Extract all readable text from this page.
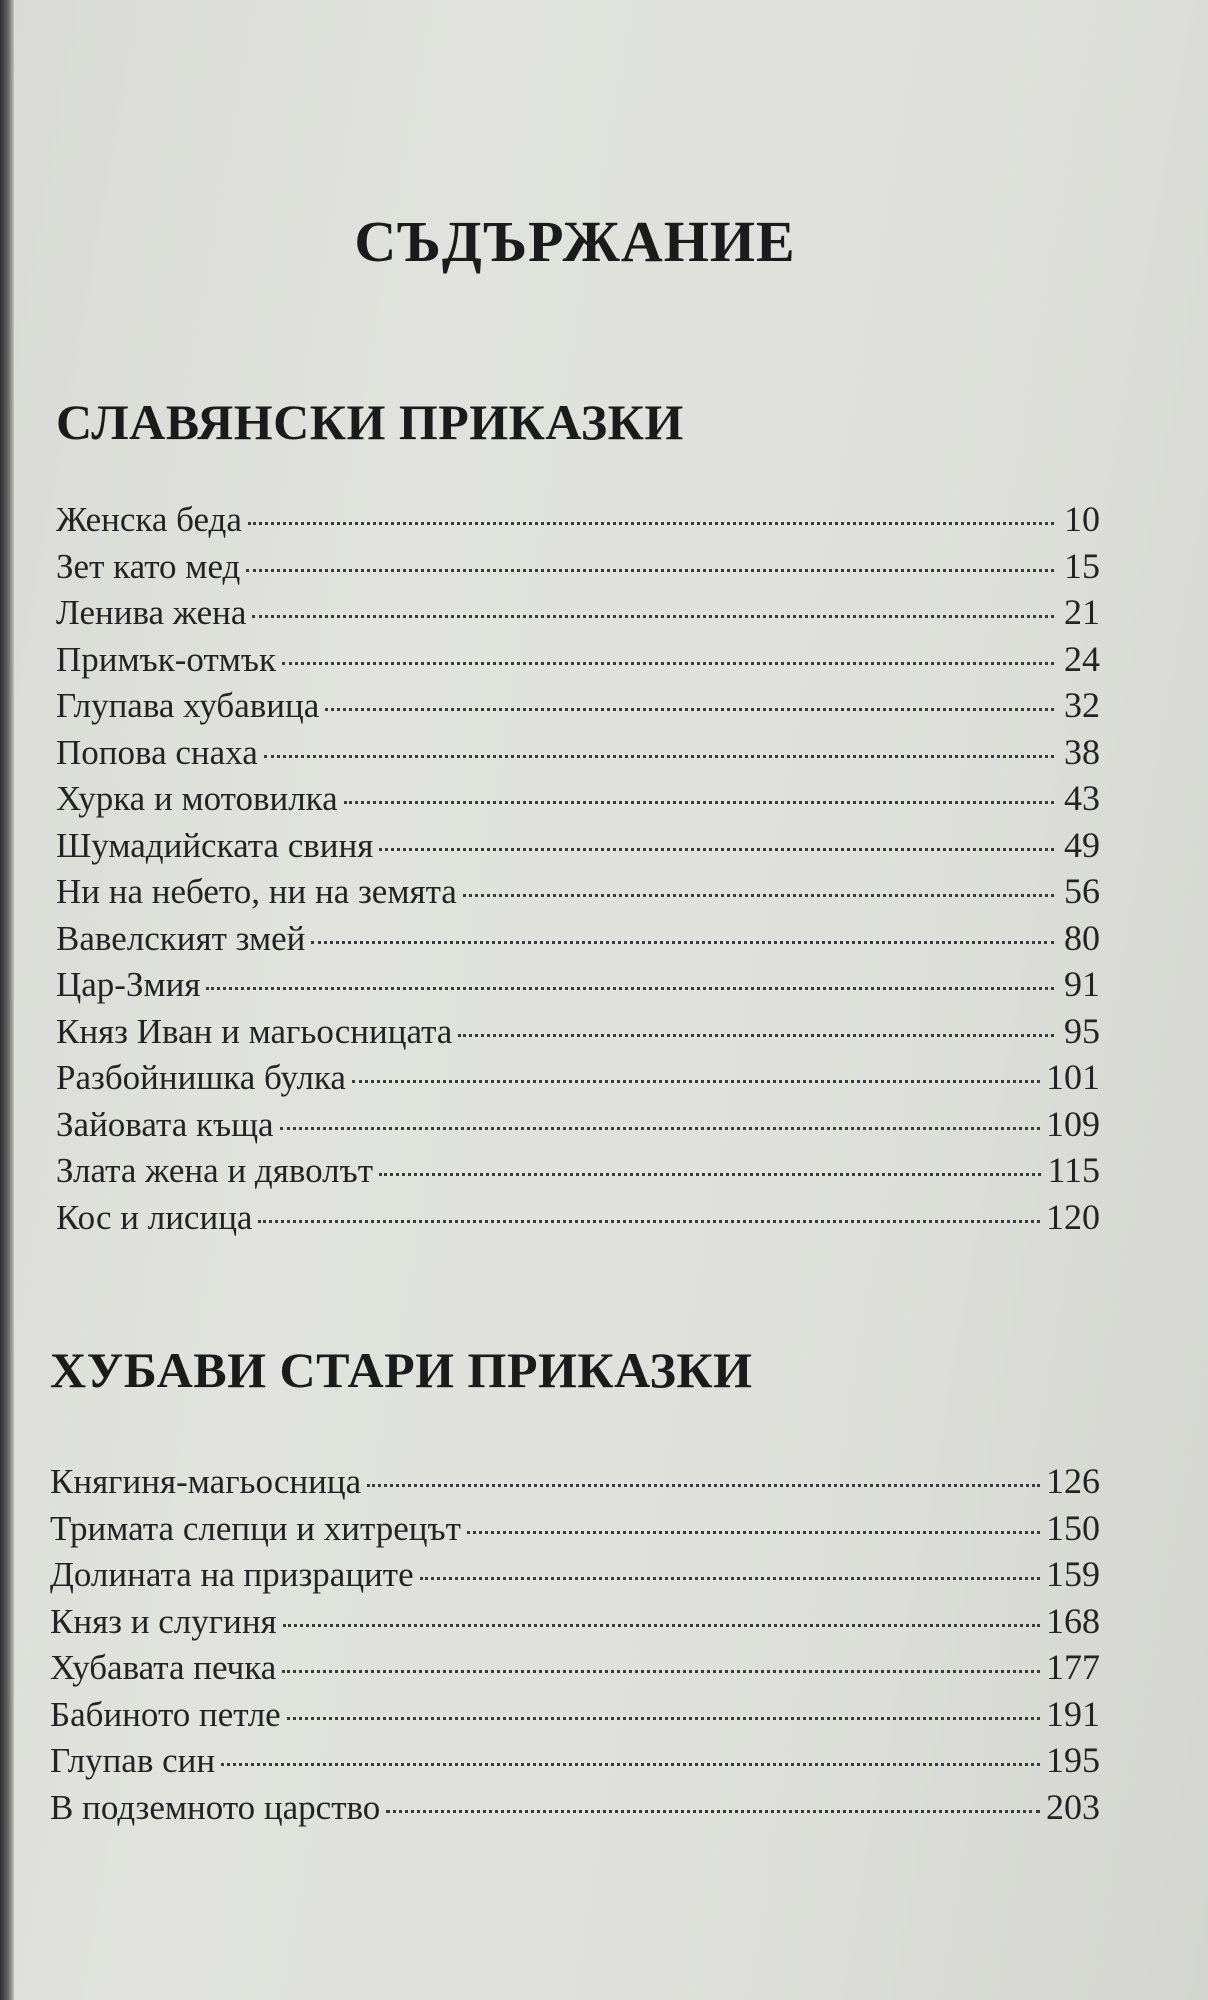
СЪДЪРЖАНИЕ
СЛАВЯНСКИ ПРИКАЗКИ
Женска беда	10
Зет като мед	15
Ленива жена	21
Примък-отмък	24
Глупава хубавица	32
Попова снаха	38
Хурка и мотовилка	43
Шумадийската свиня	49
Ни на небето, ни на земята	56
Вавелският змей	80
Цар-Змия	91
Княз Иван и магьосницата	95
Разбойнишка булка	101
Зайовата къща	109
Злата жена и дяволът	115
Кос и лисица	120
ХУБАВИ СТАРИ ПРИКАЗКИ
Княгиня-магьосница	126
Тримата слепци и хитрецът	150
Долината на призраците	159
Княз и слугиня	168
Хубавата печка	177
Бабиното петле	191
Глупав син	195
В подземното царство	203
